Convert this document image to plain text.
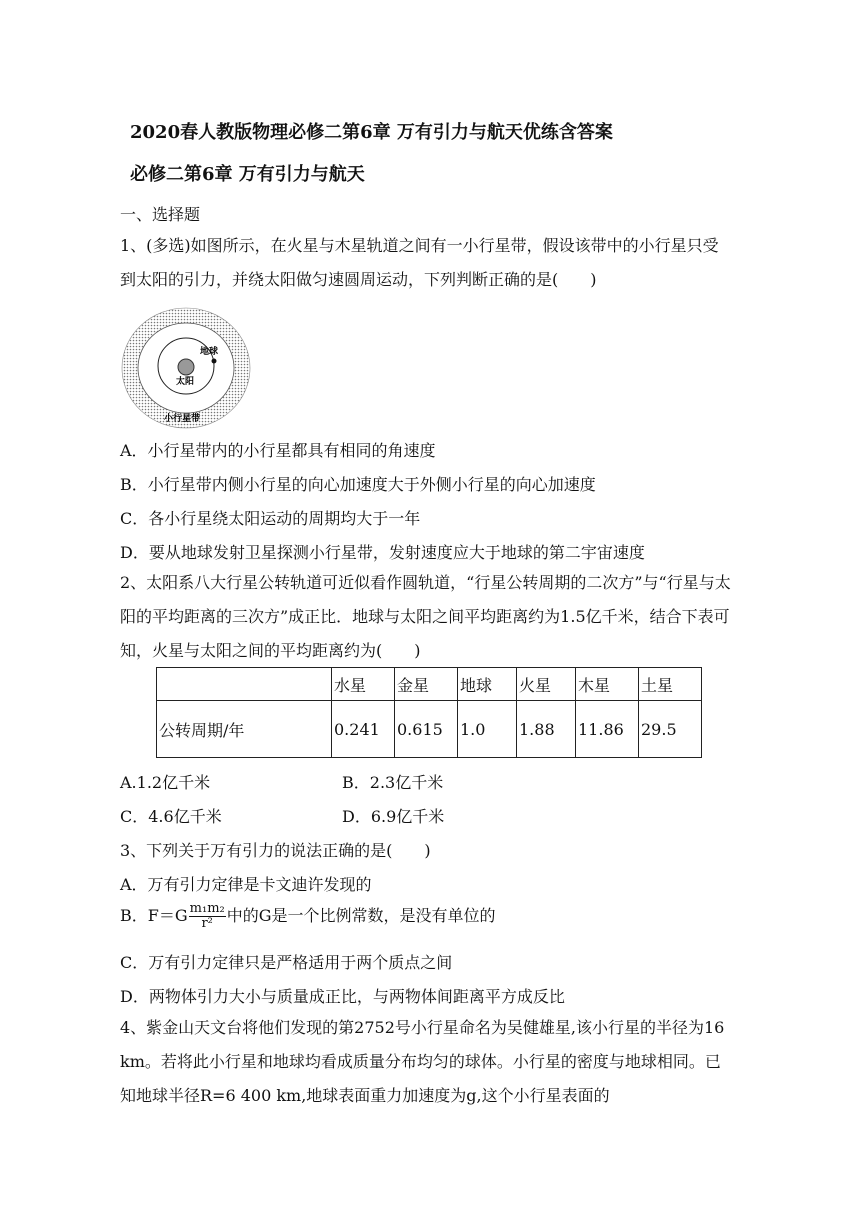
2020春人教版物理必修二第6章 万有引力与航天优练含答案
必修二第6章 万有引力与航天
一、选择题
1、(多选)如图所示，在火星与木星轨道之间有一小行星带，假设该带中的小行星只受到太阳的引力，并绕太阳做匀速圆周运动，下列判断正确的是(　　)
地球
太阳
小行星带
A．小行星带内的小行星都具有相同的角速度
B．小行星带内侧小行星的向心加速度大于外侧小行星的向心加速度
C．各小行星绕太阳运动的周期均大于一年
D．要从地球发射卫星探测小行星带，发射速度应大于地球的第二宇宙速度
2、太阳系八大行星公转轨道可近似看作圆轨道，“行星公转周期的二次方”与“行星与太阳的平均距离的三次方”成正比．地球与太阳之间平均距离约为1.5亿千米，结合下表可知，火星与太阳之间的平均距离约为(　　)
	水星	金星	地球	火星	木星	土星
公转周期/年	0.241	0.615	1.0	1.88	11.86	29.5
A.1.2亿千米	B．2.3亿千米
C．4.6亿千米	D．6.9亿千米
3、下列关于万有引力的说法正确的是(　　)
A．万有引力定律是卡文迪许发现的
B．$F=G \frac{\text{m₁m₂}}{\text{r²}}$ 中的G是一个比例常数，是没有单位的
C．万有引力定律只是严格适用于两个质点之间
D．两物体引力大小与质量成正比，与两物体间距离平方成反比
4、紫金山天文台将他们发现的第2752号小行星命名为吴健雄星,该小行星的半径为16 km。若将此小行星和地球均看成质量分布均匀的球体。小行星的密度与地球相同。已知地球半径R=6 400 km,地球表面重力加速度为g,这个小行星表面的
